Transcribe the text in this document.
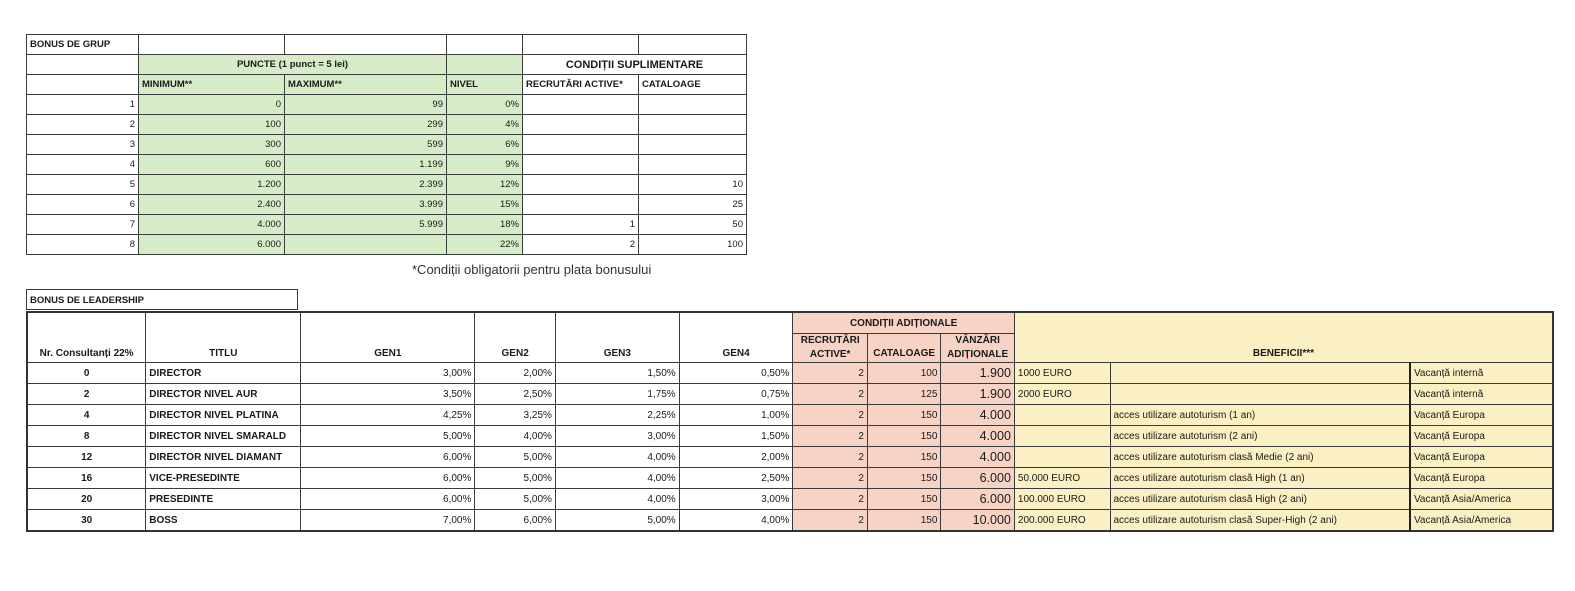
BONUS DE GRUP					
	PUNCTE (1 punct = 5 lei)			CONDIȚII SUPLIMENTARE	
	MINIMUM**	MAXIMUM**	NIVEL	RECRUTĂRI ACTIVE*	CATALOAGE
1	0	99	0%		
2	100	299	4%		
3	300	599	6%		
4	600	1.199	9%		
5	1.200	2.399	12%		10
6	2.400	3.999	15%		25
7	4.000	5.999	18%	1	50
8	6.000		22%	2	100
*Condiții obligatorii pentru plata bonusului
BONUS DE LEADERSHIP
Nr. Consultanți 22%	TITLU	GEN1	GEN2	GEN3	GEN4	CONDIȚII ADIȚIONALE			BENEFICII***		
						RECRUTĂRI ACTIVE*	CATALOAGE	VÂNZĂRI ADIȚIONALE			

0	DIRECTOR	3,00%	2,00%	1,50%	0,50%	2	100	1.900	1000 EURO		Vacanță internă
2	DIRECTOR NIVEL AUR	3,50%	2,50%	1,75%	0,75%	2	125	1.900	2000 EURO		Vacanță internă
4	DIRECTOR NIVEL PLATINA	4,25%	3,25%	2,25%	1,00%	2	150	4.000		acces utilizare autoturism (1 an)	Vacanță Europa
8	DIRECTOR NIVEL SMARALD	5,00%	4,00%	3,00%	1,50%	2	150	4.000		acces utilizare autoturism (2 ani)	Vacanță Europa
12	DIRECTOR NIVEL DIAMANT	6,00%	5,00%	4,00%	2,00%	2	150	4.000		acces utilizare autoturism clasă Medie (2 ani)	Vacanță Europa
16	VICE-PRESEDINTE	6,00%	5,00%	4,00%	2,50%	2	150	6.000	50.000 EURO	acces utilizare autoturism clasă High (1 an)	Vacanță Europa
20	PRESEDINTE	6,00%	5,00%	4,00%	3,00%	2	150	6.000	100.000 EURO	acces utilizare autoturism clasă High (2 ani)	Vacanță Asia/America
30	BOSS	7,00%	6,00%	5,00%	4,00%	2	150	10.000	200.000 EURO	acces utilizare autoturism clasă Super-High (2 ani)	Vacanță Asia/America
